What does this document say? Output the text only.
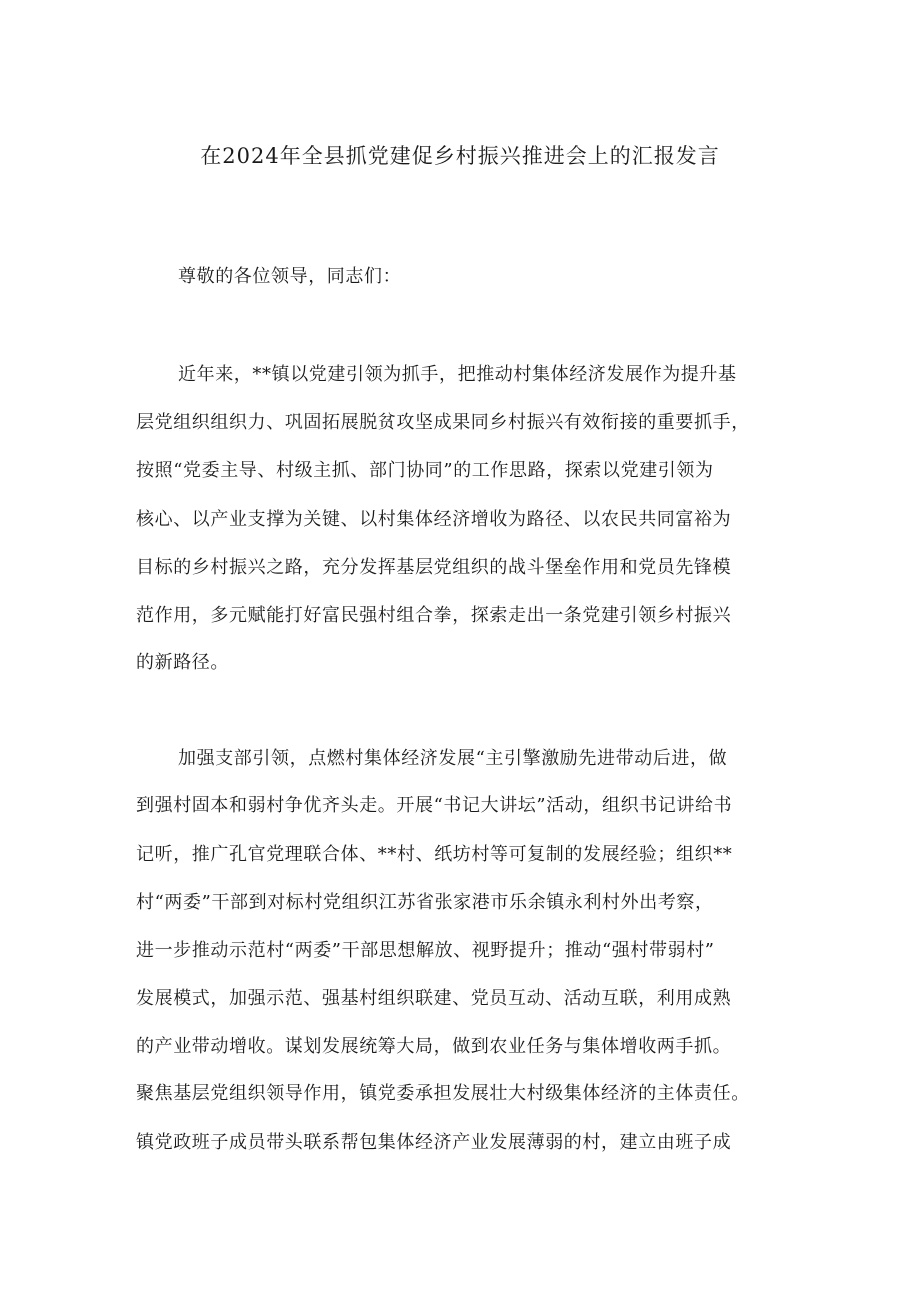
在2024年全县抓党建促乡村振兴推进会上的汇报发言
尊敬的各位领导，同志们：
近年来，**镇以党建引领为抓手，把推动村集体经济发展作为提升基
层党组织组织力、巩固拓展脱贫攻坚成果同乡村振兴有效衔接的重要抓手，
按照“党委主导、村级主抓、部门协同”的工作思路，探索以党建引领为
核心、以产业支撑为关键、以村集体经济增收为路径、以农民共同富裕为
目标的乡村振兴之路，充分发挥基层党组织的战斗堡垒作用和党员先锋模
范作用，多元赋能打好富民强村组合拳，探索走出一条党建引领乡村振兴
的新路径。
加强支部引领，点燃村集体经济发展“主引擎激励先进带动后进，做
到强村固本和弱村争优齐头走。开展“书记大讲坛”活动，组织书记讲给书
记听，推广孔官党理联合体、**村、纸坊村等可复制的发展经验；组织**
村“两委”干部到对标村党组织江苏省张家港市乐余镇永利村外出考察，
进一步推动示范村“两委”干部思想解放、视野提升；推动“强村带弱村”
发展模式，加强示范、强基村组织联建、党员互动、活动互联，利用成熟
的产业带动增收。谋划发展统筹大局，做到农业任务与集体增收两手抓。
聚焦基层党组织领导作用，镇党委承担发展壮大村级集体经济的主体责任。
镇党政班子成员带头联系帮包集体经济产业发展薄弱的村，建立由班子成
